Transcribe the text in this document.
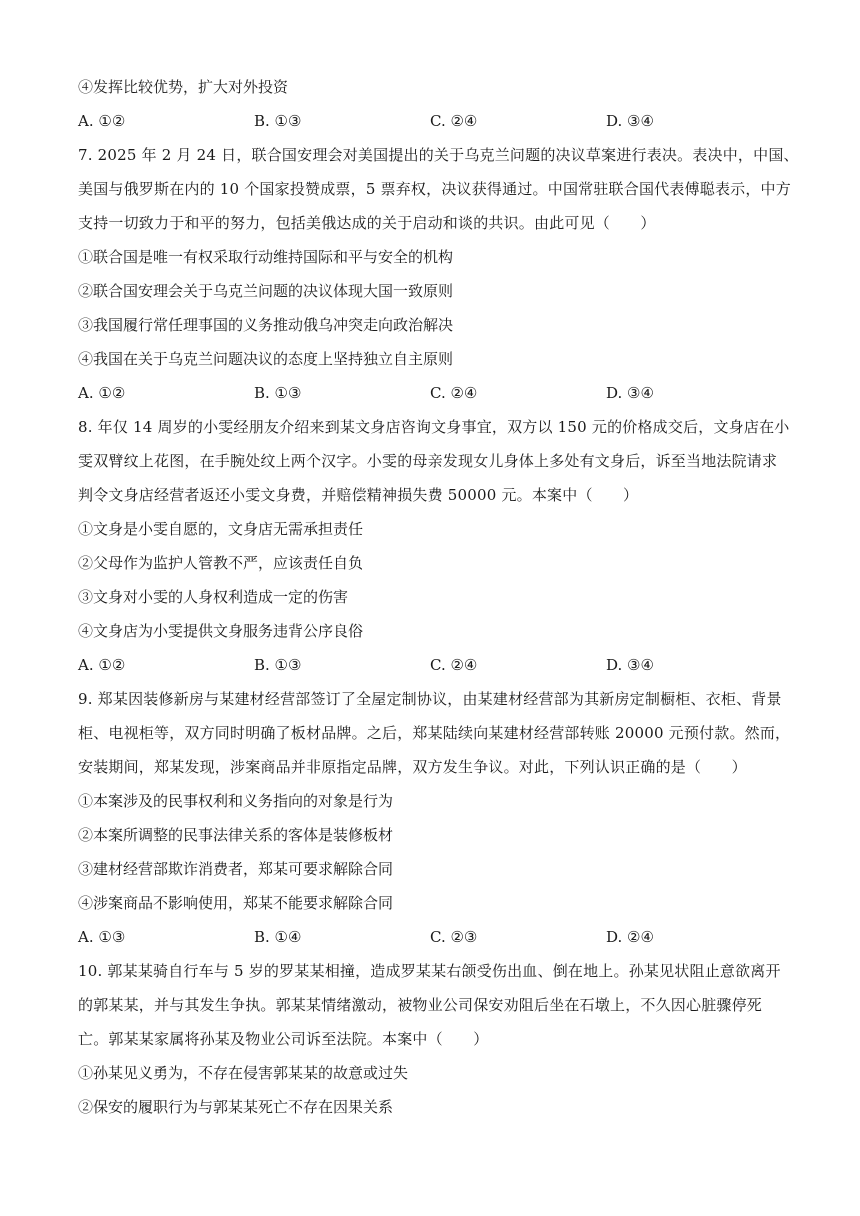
④发挥比较优势，扩大对外投资
A. ①②	B. ①③	C. ②④	D. ③④
7. 2025 年 2 月 24 日，联合国安理会对美国提出的关于乌克兰问题的决议草案进行表决。表决中，中国、
美国与俄罗斯在内的 10 个国家投赞成票，5 票弃权，决议获得通过。中国常驻联合国代表傅聪表示，中方
支持一切致力于和平的努力，包括美俄达成的关于启动和谈的共识。由此可见（　　）
①联合国是唯一有权采取行动维持国际和平与安全的机构
②联合国安理会关于乌克兰问题的决议体现大国一致原则
③我国履行常任理事国的义务推动俄乌冲突走向政治解决
④我国在关于乌克兰问题决议的态度上坚持独立自主原则
A. ①②	B. ①③	C. ②④	D. ③④
8. 年仅 14 周岁的小雯经朋友介绍来到某文身店咨询文身事宜，双方以 150 元的价格成交后，文身店在小
雯双臂纹上花图，在手腕处纹上两个汉字。小雯的母亲发现女儿身体上多处有文身后，诉至当地法院请求
判令文身店经营者返还小雯文身费，并赔偿精神损失费 50000 元。本案中（　　）
①文身是小雯自愿的，文身店无需承担责任
②父母作为监护人管教不严，应该责任自负
③文身对小雯的人身权利造成一定的伤害
④文身店为小雯提供文身服务违背公序良俗
A. ①②	B. ①③	C. ②④	D. ③④
9. 郑某因装修新房与某建材经营部签订了全屋定制协议，由某建材经营部为其新房定制橱柜、衣柜、背景
柜、电视柜等，双方同时明确了板材品牌。之后，郑某陆续向某建材经营部转账 20000 元预付款。然而，
安装期间，郑某发现，涉案商品并非原指定品牌，双方发生争议。对此，下列认识正确的是（　　）
①本案涉及的民事权利和义务指向的对象是行为
②本案所调整的民事法律关系的客体是装修板材
③建材经营部欺诈消费者，郑某可要求解除合同
④涉案商品不影响使用，郑某不能要求解除合同
A. ①③	B. ①④	C. ②③	D. ②④
10. 郭某某骑自行车与 5 岁的罗某某相撞，造成罗某某右颌受伤出血、倒在地上。孙某见状阻止意欲离开
的郭某某，并与其发生争执。郭某某情绪激动，被物业公司保安劝阻后坐在石墩上，不久因心脏骤停死
亡。郭某某家属将孙某及物业公司诉至法院。本案中（　　）
①孙某见义勇为，不存在侵害郭某某的故意或过失
②保安的履职行为与郭某某死亡不存在因果关系
